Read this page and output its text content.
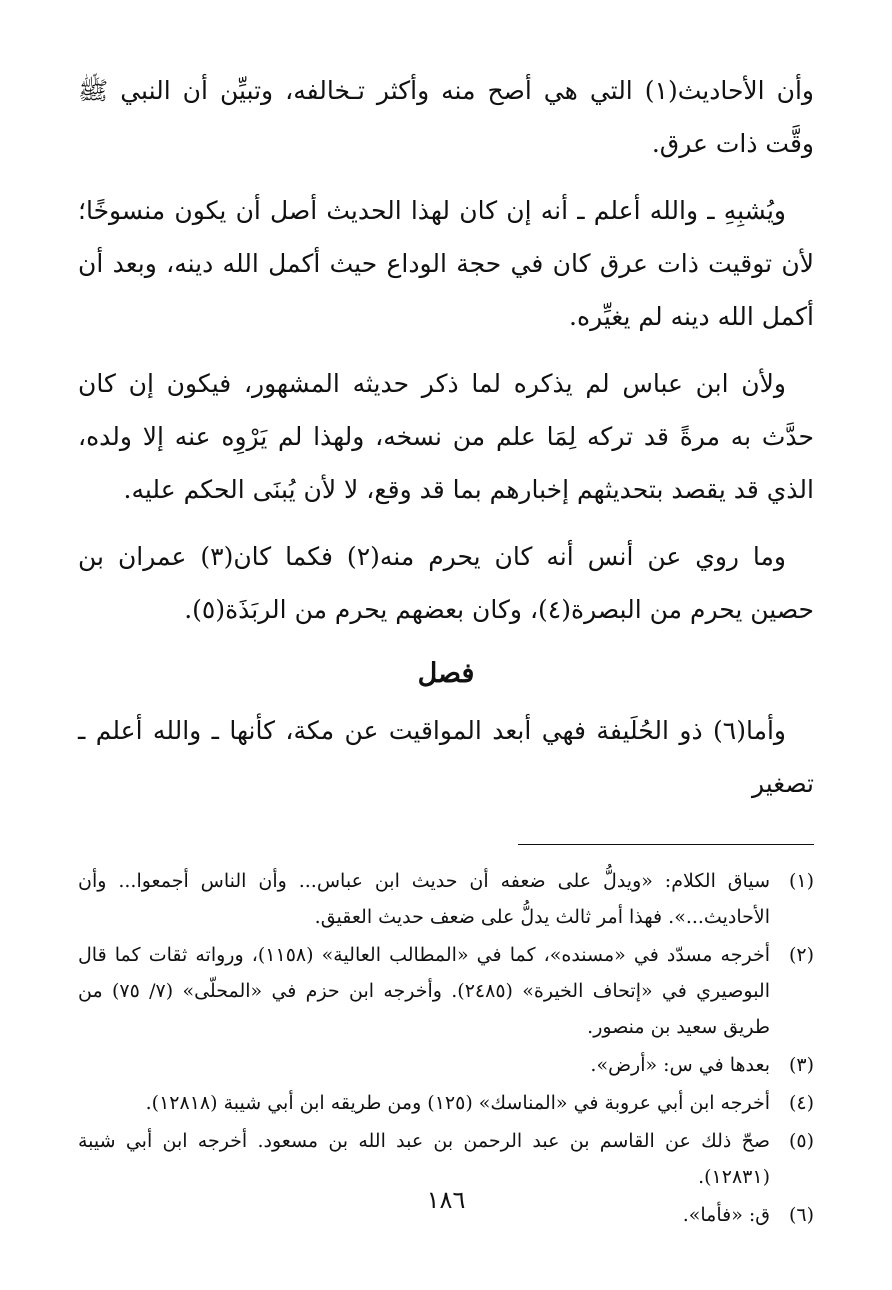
وأن الأحاديث(١) التي هي أصح منه وأكثر تـخالفه، وتبيِّن أن النبي ﷺ وقَّت ذات عرق.

ويُشبِهِ ـ والله أعلم ـ أنه إن كان لهذا الحديث أصل أن يكون منسوخًا؛ لأن توقيت ذات عرق كان في حجة الوداع حيث أكمل الله دينه، وبعد أن أكمل الله دينه لم يغيِّره.

ولأن ابن عباس لم يذكره لما ذكر حديثه المشهور، فيكون إن كان حدَّث به مرةً قد تركه لِمَا علم من نسخه، ولهذا لم يَرْوِه عنه إلا ولده، الذي قد يقصد بتحديثهم إخبارهم بما قد وقع، لا لأن يُبنَى الحكم عليه.

وما روي عن أنس أنه كان يحرم منه(٢) فكما كان(٣) عمران بن حصين يحرم من البصرة(٤)، وكان بعضهم يحرم من الربَذَة(٥).

فصل

وأما(٦) ذو الحُلَيفة فهي أبعد المواقيت عن مكة، كأنها ـ والله أعلم ـ تصغير

(١)
سياق الكلام: «ويدلُّ على ضعفه أن حديث ابن عباس... وأن الناس أجمعوا... وأن الأحاديث...». فهذا أمر ثالث يدلُّ على ضعف حديث العقيق.
(٢)
أخرجه مسدّد في «مسنده»، كما في «المطالب العالية» (١١٥٨)، ورواته ثقات كما قال البوصيري في «إتحاف الخيرة» (٢٤٨٥). وأخرجه ابن حزم في «المحلّى» (٧/ ٧٥) من طريق سعيد بن منصور.
(٣)
بعدها في س: «أرض».
(٤)
أخرجه ابن أبي عروبة في «المناسك» (١٢٥) ومن طريقه ابن أبي شيبة (١٢٨١٨).
(٥)
صحّ ذلك عن القاسم بن عبد الرحمن بن عبد الله بن مسعود. أخرجه ابن أبي شيبة (١٢٨٣١).
(٦)
ق: «فأما».
١٨٦
